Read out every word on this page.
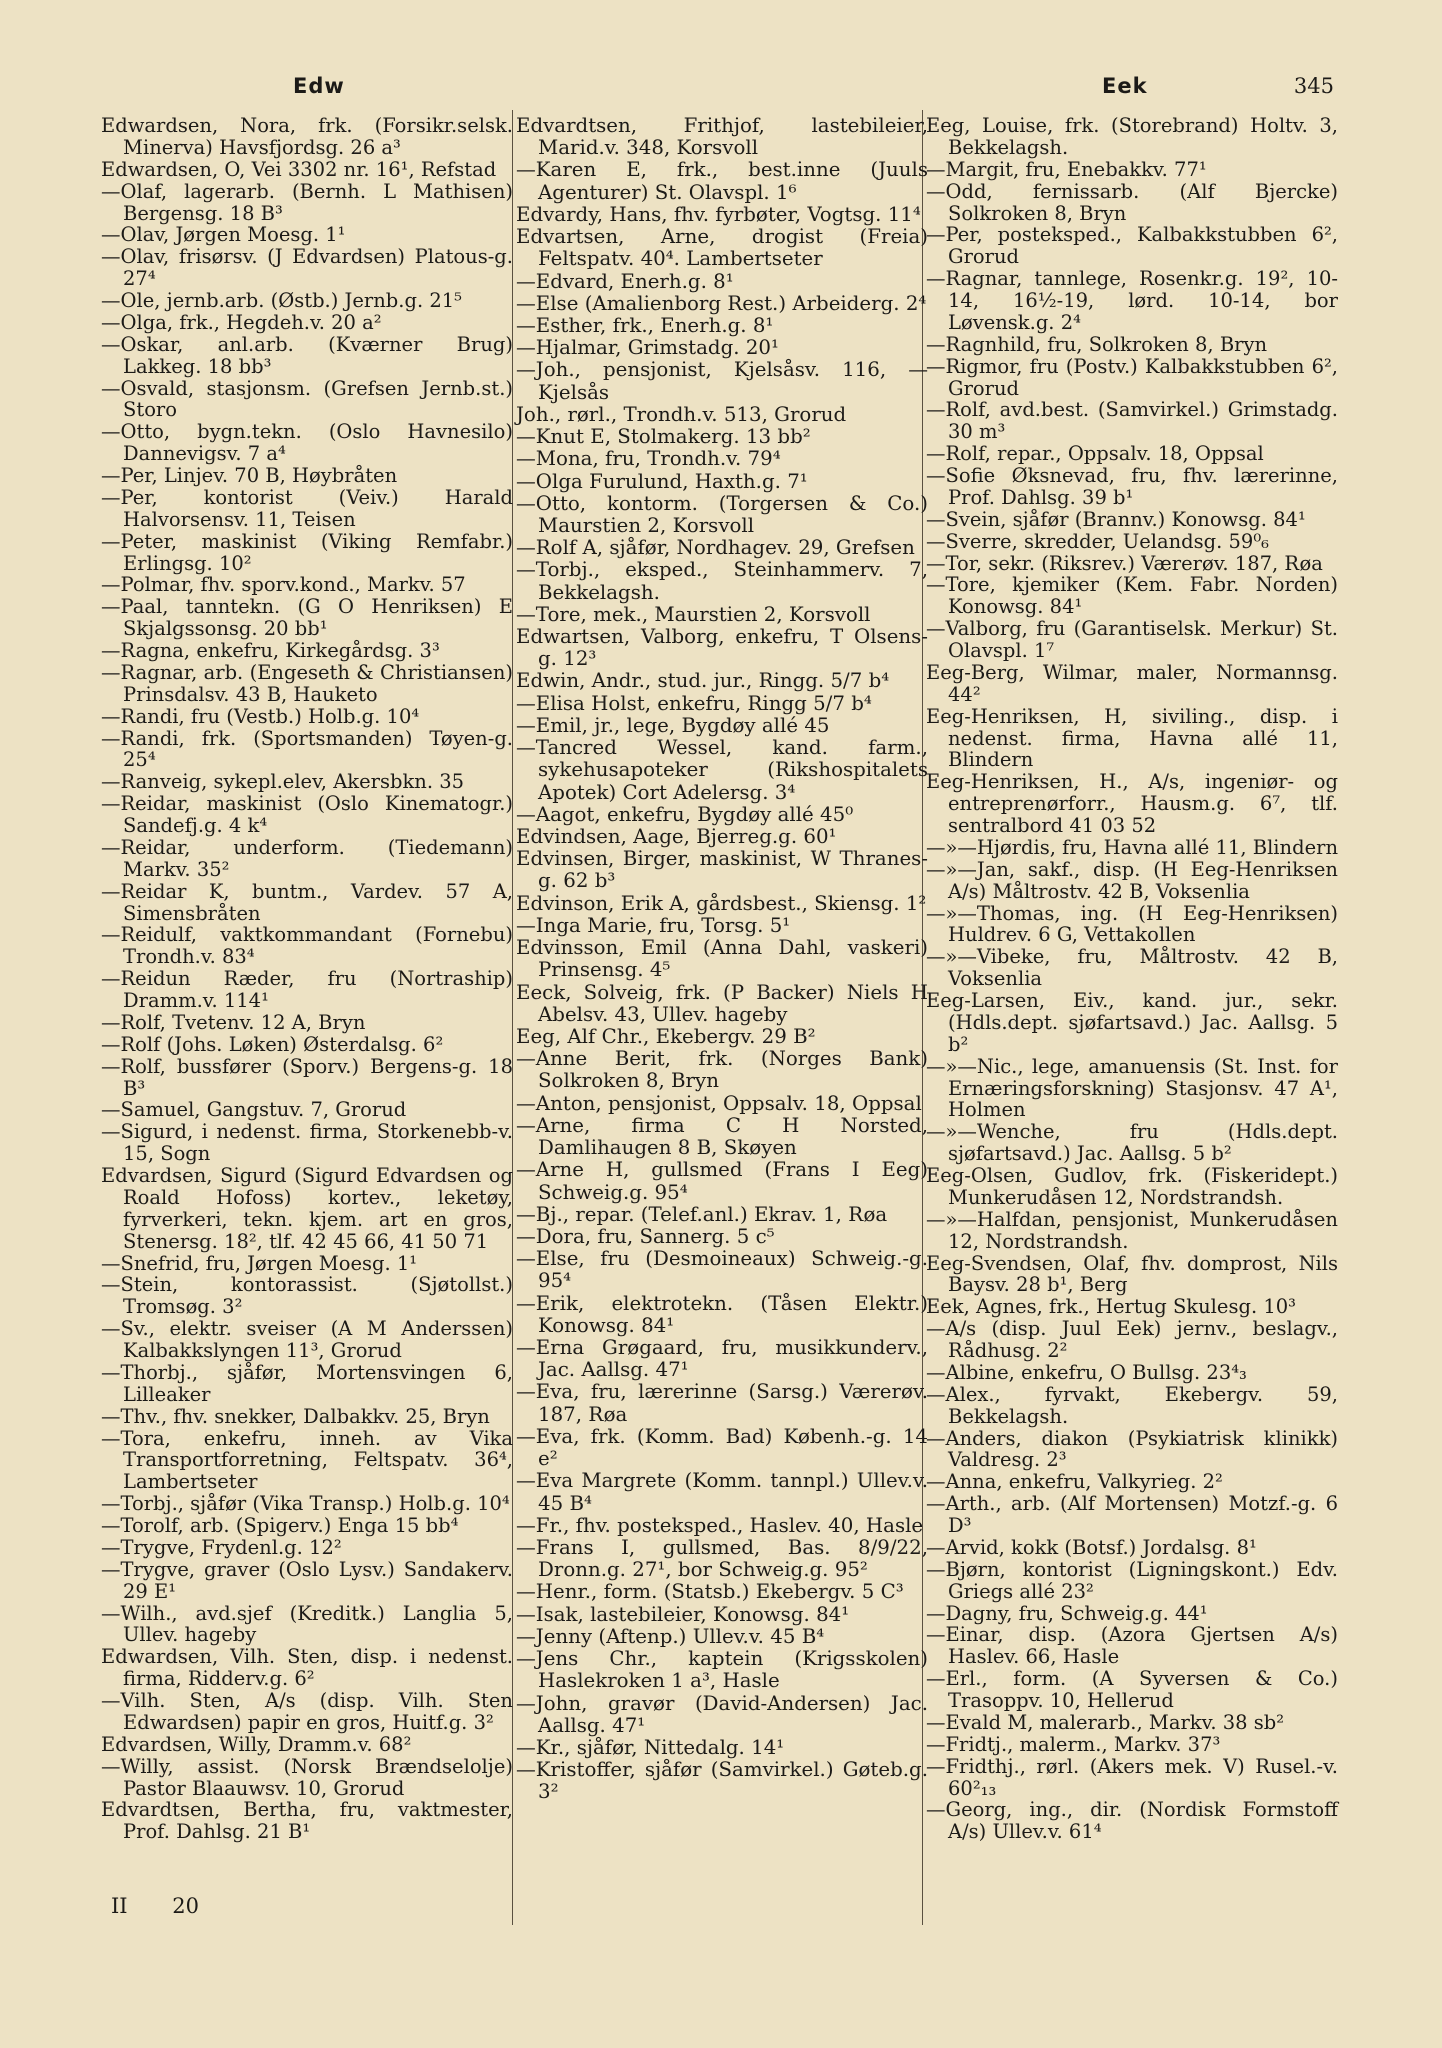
Edw	Eek	345
Edwardsen, Nora, frk. (Forsikr.selsk. Minerva) Havsfjordsg. 26 a³
Edwardsen, O, Vei 3302 nr. 16¹, Refstad
—Olaf, lagerarb. (Bernh. L Mathisen) Bergensg. 18 B³
—Olav, Jørgen Moesg. 1¹
—Olav, frisørsv. (J Edvardsen) Platous-g. 27⁴
—Ole, jernb.arb. (Østb.) Jernb.g. 21⁵
—Olga, frk., Hegdeh.v. 20 a²
—Oskar, anl.arb. (Kværner Brug) Lakkeg. 18 bb³
—Osvald, stasjonsm. (Grefsen Jernb.st.) Storo
—Otto, bygn.tekn. (Oslo Havnesilo) Dannevigsv. 7 a⁴
—Per, Linjev. 70 B, Høybråten
—Per, kontorist (Veiv.) Harald Halvorsensv. 11, Teisen
—Peter, maskinist (Viking Remfabr.) Erlingsg. 10²
—Polmar, fhv. sporv.kond., Markv. 57
—Paal, tanntekn. (G O Henriksen) E Skjalgssonsg. 20 bb¹
—Ragna, enkefru, Kirkegårdsg. 3³
—Ragnar, arb. (Engeseth & Christiansen) Prinsdalsv. 43 B, Hauketo
—Randi, fru (Vestb.) Holb.g. 10⁴
—Randi, frk. (Sportsmanden) Tøyen-g. 25⁴
—Ranveig, sykepl.elev, Akersbkn. 35
—Reidar, maskinist (Oslo Kinematogr.) Sandefj.g. 4 k⁴
—Reidar, underform. (Tiedemann) Markv. 35²
—Reidar K, buntm., Vardev. 57 A, Simensbråten
—Reidulf, vaktkommandant (Fornebu) Trondh.v. 83⁴
—Reidun Ræder, fru (Nortraship) Dramm.v. 114¹
—Rolf, Tvetenv. 12 A, Bryn
—Rolf (Johs. Løken) Østerdalsg. 6²
—Rolf, bussfører (Sporv.) Bergens-g. 18 B³
—Samuel, Gangstuv. 7, Grorud
—Sigurd, i nedenst. firma, Storkenebb-v. 15, Sogn
Edvardsen, Sigurd (Sigurd Edvardsen og Roald Hofoss) kortev., leketøy, fyrverkeri, tekn. kjem. art en gros, Stenersg. 18², tlf. 42 45 66, 41 50 71
—Snefrid, fru, Jørgen Moesg. 1¹
—Stein, kontorassist. (Sjøtollst.) Tromsøg. 3²
—Sv., elektr. sveiser (A M Anderssen) Kalbakkslyngen 11³, Grorud
—Thorbj., sjåfør, Mortensvingen 6, Lilleaker
—Thv., fhv. snekker, Dalbakkv. 25, Bryn
—Tora, enkefru, inneh. av Vika Transportforretning, Feltspatv. 36⁴, Lambertseter
—Torbj., sjåfør (Vika Transp.) Holb.g. 10⁴
—Torolf, arb. (Spigerv.) Enga 15 bb⁴
—Trygve, Frydenl.g. 12²
—Trygve, graver (Oslo Lysv.) Sandakerv. 29 E¹
—Wilh., avd.sjef (Kreditk.) Langlia 5, Ullev. hageby
Edwardsen, Vilh. Sten, disp. i nedenst. firma, Ridderv.g. 6²
—Vilh. Sten, A/s (disp. Vilh. Sten Edwardsen) papir en gros, Huitf.g. 3²
Edvardsen, Willy, Dramm.v. 68²
—Willy, assist. (Norsk Brændselolje) Pastor Blaauwsv. 10, Grorud
Edvardtsen, Bertha, fru, vaktmester, Prof. Dahlsg. 21 B¹
Edvardtsen, Frithjof, lastebileier, Marid.v. 348, Korsvoll
—Karen E, frk., best.inne (Juuls Agenturer) St. Olavspl. 1⁶
Edvardy, Hans, fhv. fyrbøter, Vogtsg. 11⁴
Edvartsen, Arne, drogist (Freia) Feltspatv. 40⁴. Lambertseter
—Edvard, Enerh.g. 8¹
—Else (Amalienborg Rest.) Arbeiderg. 2⁴
—Esther, frk., Enerh.g. 8¹
—Hjalmar, Grimstadg. 20¹
—Joh., pensjonist, Kjelsåsv. 116, —Kjelsås
Joh., rørl., Trondh.v. 513, Grorud
—Knut E, Stolmakerg. 13 bb²
—Mona, fru, Trondh.v. 79⁴
—Olga Furulund, Haxth.g. 7¹
—Otto, kontorm. (Torgersen & Co.) Maurstien 2, Korsvoll
—Rolf A, sjåfør, Nordhagev. 29, Grefsen
—Torbj., eksped., Steinhammerv. 7, Bekkelagsh.
—Tore, mek., Maurstien 2, Korsvoll
Edwartsen, Valborg, enkefru, T Olsens-g. 12³
Edwin, Andr., stud. jur., Ringg. 5/7 b⁴
—Elisa Holst, enkefru, Ringg 5/7 b⁴
—Emil, jr., lege, Bygdøy allé 45
—Tancred Wessel, kand. farm., sykehusapoteker (Rikshospitalets Apotek) Cort Adelersg. 3⁴
—Aagot, enkefru, Bygdøy allé 45⁰
Edvindsen, Aage, Bjerreg.g. 60¹
Edvinsen, Birger, maskinist, W Thranes-g. 62 b³
Edvinson, Erik A, gårdsbest., Skiensg. 1²
—Inga Marie, fru, Torsg. 5¹
Edvinsson, Emil (Anna Dahl, vaskeri) Prinsensg. 4⁵
Eeck, Solveig, frk. (P Backer) Niels H Abelsv. 43, Ullev. hageby
Eeg, Alf Chr., Ekebergv. 29 B²
—Anne Berit, frk. (Norges Bank) Solkroken 8, Bryn
—Anton, pensjonist, Oppsalv. 18, Oppsal
—Arne, firma C H Norsted, Damlihaugen 8 B, Skøyen
—Arne H, gullsmed (Frans I Eeg) Schweig.g. 95⁴
—Bj., repar. (Telef.anl.) Ekrav. 1, Røa
—Dora, fru, Sannerg. 5 c⁵
—Else, fru (Desmoineaux) Schweig.-g. 95⁴
—Erik, elektrotekn. (Tåsen Elektr.) Konowsg. 84¹
—Erna Grøgaard, fru, musikkunderv., Jac. Aallsg. 47¹
—Eva, fru, lærerinne (Sarsg.) Værerøv. 187, Røa
—Eva, frk. (Komm. Bad) Københ.-g. 14 e²
—Eva Margrete (Komm. tannpl.) Ullev.v. 45 B⁴
—Fr., fhv. posteksped., Haslev. 40, Hasle
—Frans I, gullsmed, Bas. 8/9/22, Dronn.g. 27¹, bor Schweig.g. 95²
—Henr., form. (Statsb.) Ekebergv. 5 C³
—Isak, lastebileier, Konowsg. 84¹
—Jenny (Aftenp.) Ullev.v. 45 B⁴
—Jens Chr., kaptein (Krigsskolen) Haslekroken 1 a³, Hasle
—John, gravør (David-Andersen) Jac. Aallsg. 47¹
—Kr., sjåfør, Nittedalg. 14¹
—Kristoffer, sjåfør (Samvirkel.) Gøteb.g. 3²
Eeg, Louise, frk. (Storebrand) Holtv. 3, Bekkelagsh.
—Margit, fru, Enebakkv. 77¹
—Odd, fernissarb. (Alf Bjercke) Solkroken 8, Bryn
—Per, posteksped., Kalbakkstubben 6², Grorud
—Ragnar, tannlege, Rosenkr.g. 19², 10-14, 16½-19, lørd. 10-14, bor Løvensk.g. 2⁴
—Ragnhild, fru, Solkroken 8, Bryn
—Rigmor, fru (Postv.) Kalbakkstubben 6², Grorud
—Rolf, avd.best. (Samvirkel.) Grimstadg. 30 m³
—Rolf, repar., Oppsalv. 18, Oppsal
—Sofie Øksnevad, fru, fhv. lærerinne, Prof. Dahlsg. 39 b¹
—Svein, sjåfør (Brannv.) Konowsg. 84¹
—Sverre, skredder, Uelandsg. 59⁰₆
—Tor, sekr. (Riksrev.) Værerøv. 187, Røa
—Tore, kjemiker (Kem. Fabr. Norden) Konowsg. 84¹
—Valborg, fru (Garantiselsk. Merkur) St. Olavspl. 1⁷
Eeg-Berg, Wilmar, maler, Normannsg. 44²
Eeg-Henriksen, H, siviling., disp. i nedenst. firma, Havna allé 11, Blindern
Eeg-Henriksen, H., A/s, ingeniør- og entreprenørforr., Hausm.g. 6⁷, tlf. sentralbord 41 03 52
—»—Hjørdis, fru, Havna allé 11, Blindern
—»—Jan, sakf., disp. (H Eeg-Henriksen A/s) Måltrostv. 42 B, Voksenlia
—»—Thomas, ing. (H Eeg-Henriksen) Huldrev. 6 G, Vettakollen
—»—Vibeke, fru, Måltrostv. 42 B, Voksenlia
Eeg-Larsen, Eiv., kand. jur., sekr. (Hdls.dept. sjøfartsavd.) Jac. Aallsg. 5 b²
—»—Nic., lege, amanuensis (St. Inst. for Ernæringsforskning) Stasjonsv. 47 A¹, Holmen
—»—Wenche, fru (Hdls.dept. sjøfartsavd.) Jac. Aallsg. 5 b²
Eeg-Olsen, Gudlov, frk. (Fiskeridept.) Munkerudåsen 12, Nordstrandsh.
—»—Halfdan, pensjonist, Munkerudåsen 12, Nordstrandsh.
Eeg-Svendsen, Olaf, fhv. domprost, Nils Baysv. 28 b¹, Berg
Eek, Agnes, frk., Hertug Skulesg. 10³
—A/s (disp. Juul Eek) jernv., beslagv., Rådhusg. 2²
—Albine, enkefru, O Bullsg. 23⁴₃
—Alex., fyrvakt, Ekebergv. 59, Bekkelagsh.
—Anders, diakon (Psykiatrisk klinikk) Valdresg. 2³
—Anna, enkefru, Valkyrieg. 2²
—Arth., arb. (Alf Mortensen) Motzf.-g. 6 D³
—Arvid, kokk (Botsf.) Jordalsg. 8¹
—Bjørn, kontorist (Ligningskont.) Edv. Griegs allé 23²
—Dagny, fru, Schweig.g. 44¹
—Einar, disp. (Azora Gjertsen A/s) Haslev. 66, Hasle
—Erl., form. (A Syversen & Co.) Trasoppv. 10, Hellerud
—Evald M, malerarb., Markv. 38 sb²
—Fridtj., malerm., Markv. 37³
—Fridthj., rørl. (Akers mek. V) Rusel.-v. 60²₁₃
—Georg, ing., dir. (Nordisk Formstoff A/s) Ullev.v. 61⁴
II 20
